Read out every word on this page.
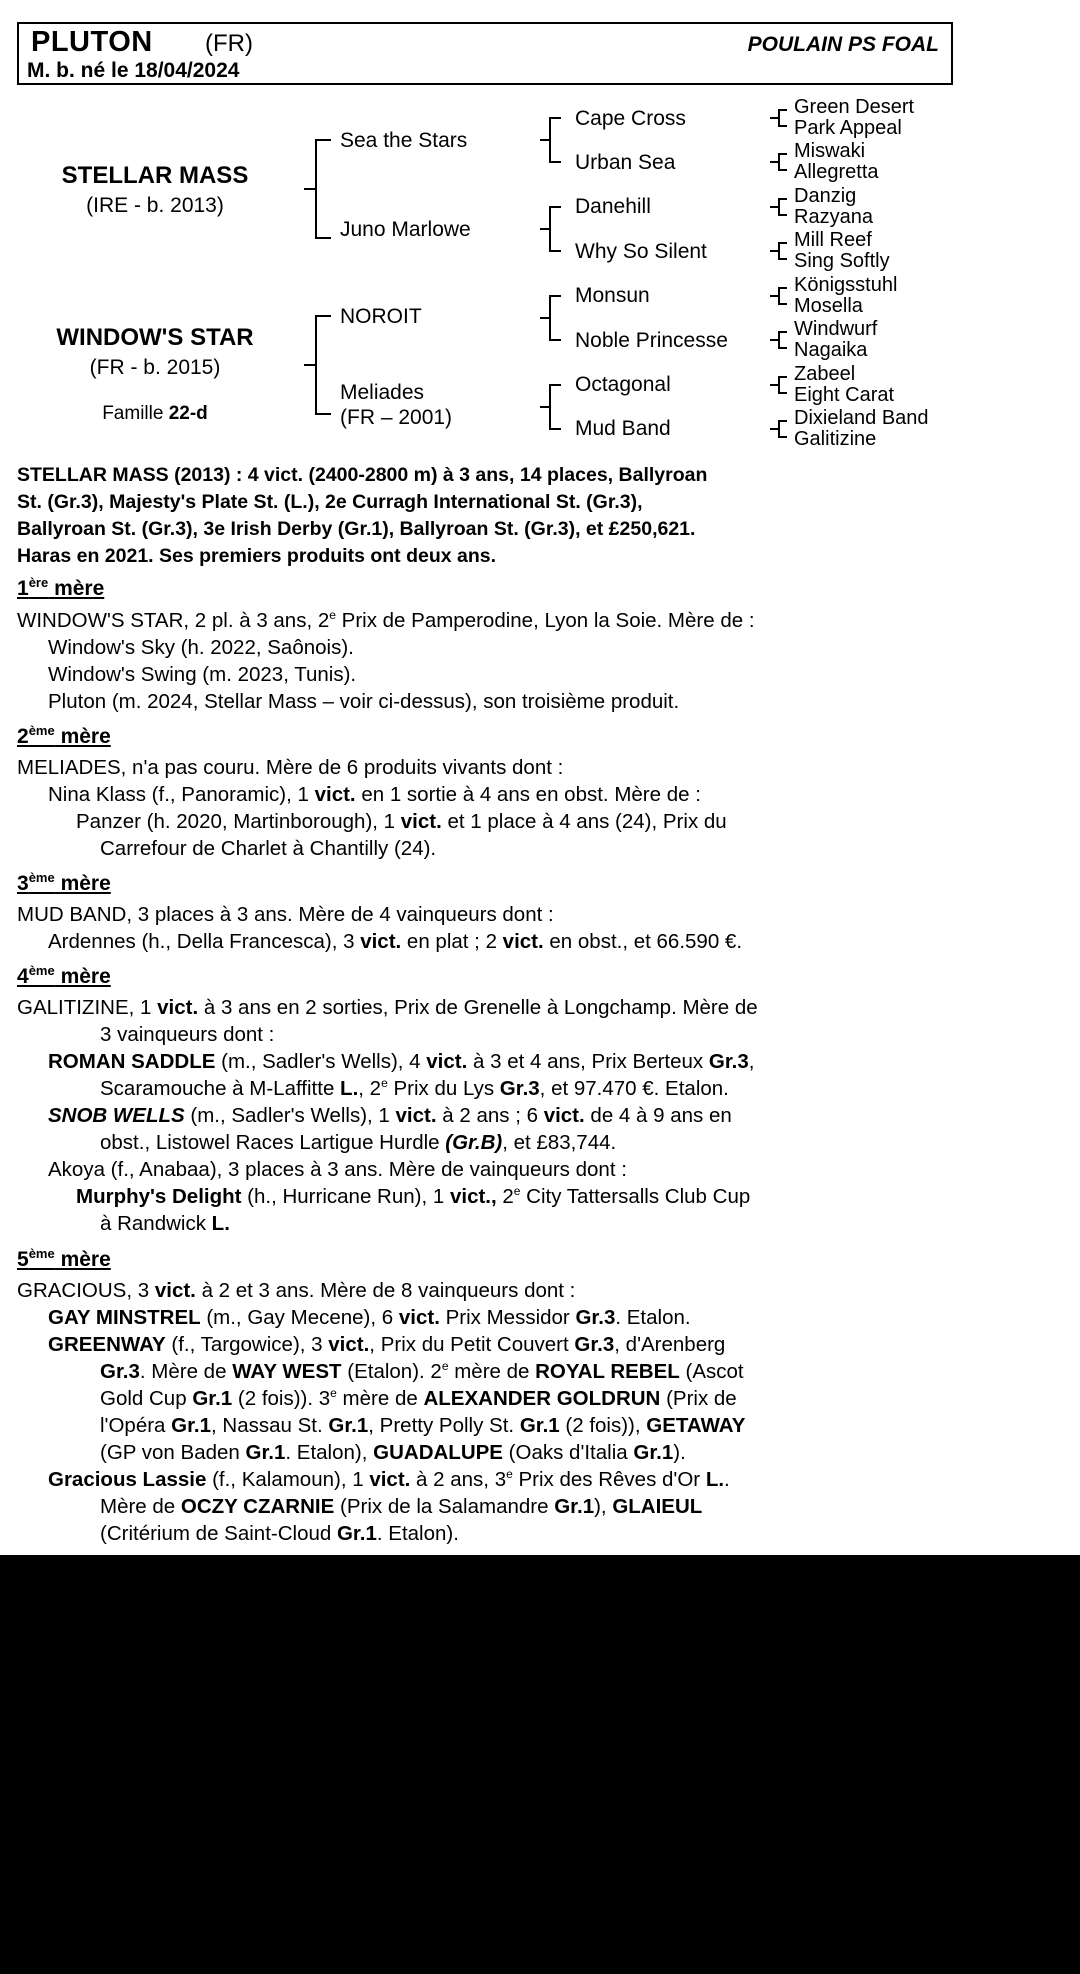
PLUTON (FR)	POULAIN PS FOAL
M. b. né le 18/04/2024
STELLAR MASS
(IRE - b. 2013)
WINDOW'S STAR
(FR - b. 2015)
Famille 22-d
Sea the Stars
Juno Marlowe
NOROIT
Meliades
(FR – 2001)
Cape Cross
Urban Sea
Danehill
Why So Silent
Monsun
Noble Princesse
Octagonal
Mud Band
Green Desert
Park Appeal
Miswaki
Allegretta
Danzig
Razyana
Mill Reef
Sing Softly
Königsstuhl
Mosella
Windwurf
Nagaika
Zabeel
Eight Carat
Dixieland Band
Galitizine
STELLAR MASS (2013) : 4 vict. (2400-2800 m) à 3 ans, 14 places, Ballyroan
St. (Gr.3), Majesty's Plate St. (L.), 2e Curragh International St. (Gr.3),
Ballyroan St. (Gr.3), 3e Irish Derby (Gr.1), Ballyroan St. (Gr.3), et £250,621.
Haras en 2021. Ses premiers produits ont deux ans.
1ère mère
WINDOW'S STAR, 2 pl. à 3 ans, 2e Prix de Pamperodine, Lyon la Soie. Mère de :
Window's Sky (h. 2022, Saônois).
Window's Swing (m. 2023, Tunis).
Pluton (m. 2024, Stellar Mass – voir ci-dessus), son troisième produit.
2ème mère
MELIADES, n'a pas couru. Mère de 6 produits vivants dont :
Nina Klass (f., Panoramic), 1 vict. en 1 sortie à 4 ans en obst. Mère de :
Panzer (h. 2020, Martinborough), 1 vict. et 1 place à 4 ans (24), Prix du
Carrefour de Charlet à Chantilly (24).
3ème mère
MUD BAND, 3 places à 3 ans. Mère de 4 vainqueurs dont :
Ardennes (h., Della Francesca), 3 vict. en plat ; 2 vict. en obst., et 66.590 €.
4ème mère
GALITIZINE, 1 vict. à 3 ans en 2 sorties, Prix de Grenelle à Longchamp. Mère de
3 vainqueurs dont :
ROMAN SADDLE (m., Sadler's Wells), 4 vict. à 3 et 4 ans, Prix Berteux Gr.3,
Scaramouche à M-Laffitte L., 2e Prix du Lys Gr.3, et 97.470 €. Etalon.
SNOB WELLS (m., Sadler's Wells), 1 vict. à 2 ans ; 6 vict. de 4 à 9 ans en
obst., Listowel Races Lartigue Hurdle (Gr.B), et £83,744.
Akoya (f., Anabaa), 3 places à 3 ans. Mère de vainqueurs dont :
Murphy's Delight (h., Hurricane Run), 1 vict., 2e City Tattersalls Club Cup
à Randwick L.
5ème mère
GRACIOUS, 3 vict. à 2 et 3 ans. Mère de 8 vainqueurs dont :
GAY MINSTREL (m., Gay Mecene), 6 vict. Prix Messidor Gr.3. Etalon.
GREENWAY (f., Targowice), 3 vict., Prix du Petit Couvert Gr.3, d'Arenberg
Gr.3. Mère de WAY WEST (Etalon). 2e mère de ROYAL REBEL (Ascot
Gold Cup Gr.1 (2 fois)). 3e mère de ALEXANDER GOLDRUN (Prix de
l'Opéra Gr.1, Nassau St. Gr.1, Pretty Polly St. Gr.1 (2 fois)), GETAWAY
(GP von Baden Gr.1. Etalon), GUADALUPE (Oaks d'Italia Gr.1).
Gracious Lassie (f., Kalamoun), 1 vict. à 2 ans, 3e Prix des Rêves d'Or L..
Mère de OCZY CZARNIE (Prix de la Salamandre Gr.1), GLAIEUL
(Critérium de Saint-Cloud Gr.1. Etalon).
